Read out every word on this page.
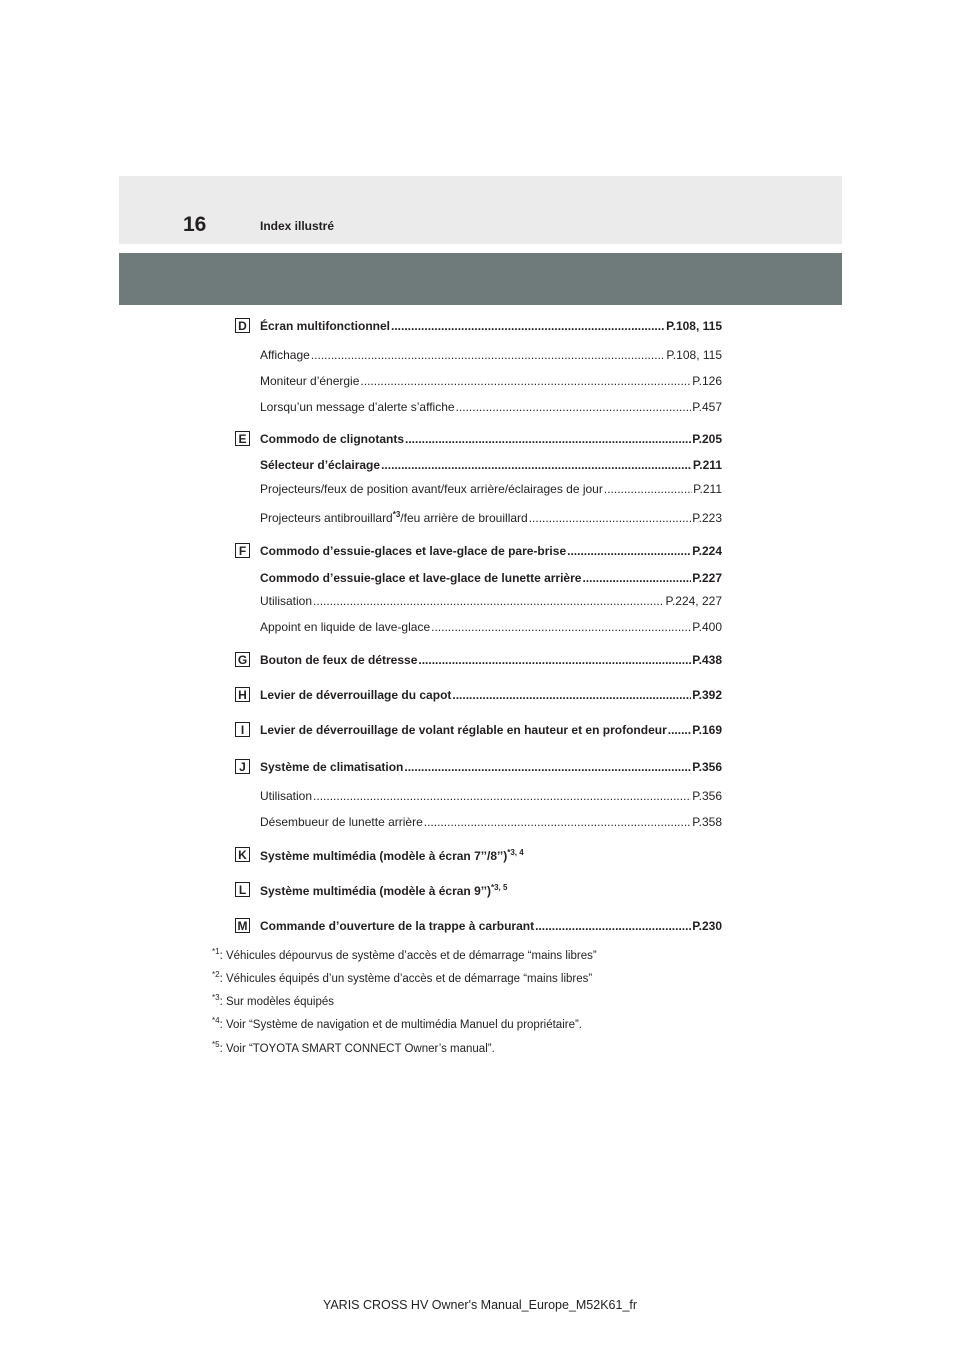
16	Index illustré
D Écran multifonctionnel .....	P.108, 115
Affichage .....	P.108, 115
Moniteur d’énergie .....	P.126
Lorsqu’un message d’alerte s’affiche .....	P.457
E Commodo de clignotants .....	P.205
Sélecteur d’éclairage .....	P.211
Projecteurs/feux de position avant/feux arrière/éclairages de jour .....	P.211
Projecteurs antibrouillard$^{*3}$/feu arrière de brouillard .....	P.223
F	Commodo d’essuie-glaces et lave-glace de pare-brise .....	P.224
Commodo d’essuie-glace et lave-glace de lunette arrière .....	P.227
Utilisation .....	P.224, 227
Appoint en liquide de lave-glace .....	P.400
G Bouton de feux de détresse .....	P.438
H Levier de déverrouillage du capot .....	P.392
I	Levier de déverrouillage de volant réglable en hauteur et en profondeur ..... P.169
J	Système de climatisation .....	P.356
Utilisation .....	P.356
Désembueur de lunette arrière .....	P.358
K Système multimédia (modèle à écran 7’’/8’’)$^{*3, 4}$
L	Système multimédia (modèle à écran 9’’)$^{*3, 5}$
M Commande d’ouverture de la trappe à carburant .....	P.230
$^{*1}$: Véhicules dépourvus de système d’accès et de démarrage “mains libres”
$^{*2}$: Véhicules équipés d’un système d’accès et de démarrage “mains libres”
$^{*3}$: Sur modèles équipés
$^{*4}$: Voir “Système de navigation et de multimédia Manuel du propriétaire”.
$^{*5}$: Voir “TOYOTA SMART CONNECT Owner’s manual”.
YARIS CROSS HV Owner's Manual_Europe_M52K61_fr
